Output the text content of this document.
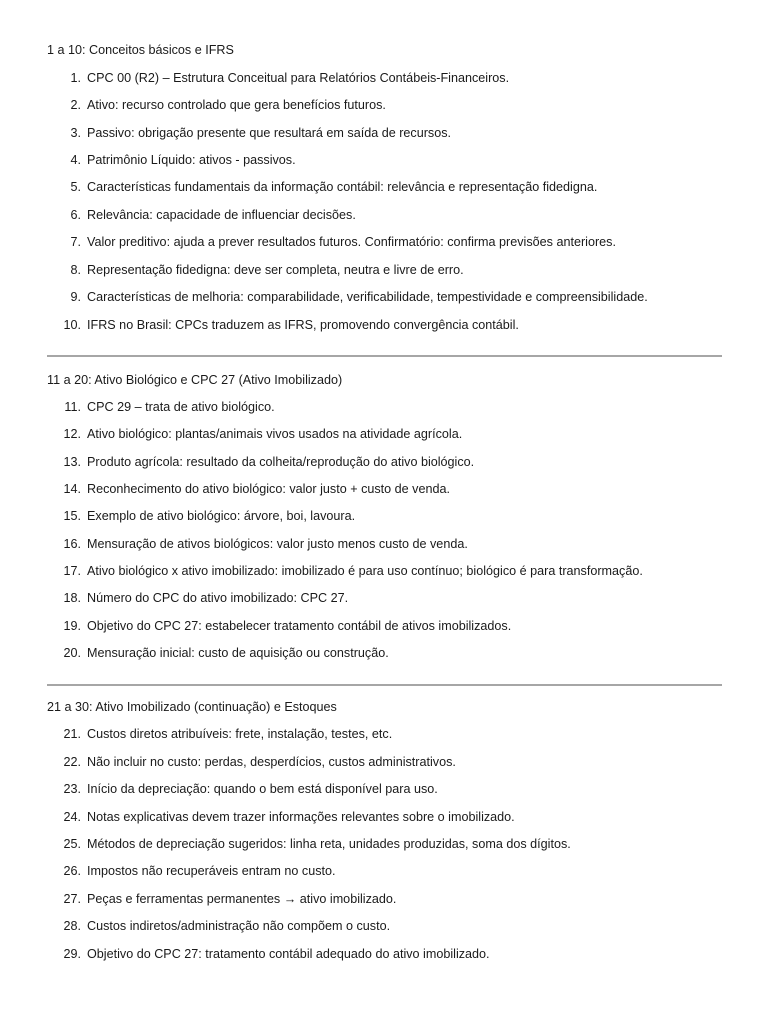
1 a 10: Conceitos básicos e IFRS
1. CPC 00 (R2) – Estrutura Conceitual para Relatórios Contábeis-Financeiros.
2. Ativo: recurso controlado que gera benefícios futuros.
3. Passivo: obrigação presente que resultará em saída de recursos.
4. Patrimônio Líquido: ativos - passivos.
5. Características fundamentais da informação contábil: relevância e representação fidedigna.
6. Relevância: capacidade de influenciar decisões.
7. Valor preditivo: ajuda a prever resultados futuros. Confirmatório: confirma previsões anteriores.
8. Representação fidedigna: deve ser completa, neutra e livre de erro.
9. Características de melhoria: comparabilidade, verificabilidade, tempestividade e compreensibilidade.
10. IFRS no Brasil: CPCs traduzem as IFRS, promovendo convergência contábil.
11 a 20: Ativo Biológico e CPC 27 (Ativo Imobilizado)
11. CPC 29 – trata de ativo biológico.
12. Ativo biológico: plantas/animais vivos usados na atividade agrícola.
13. Produto agrícola: resultado da colheita/reprodução do ativo biológico.
14. Reconhecimento do ativo biológico: valor justo + custo de venda.
15. Exemplo de ativo biológico: árvore, boi, lavoura.
16. Mensuração de ativos biológicos: valor justo menos custo de venda.
17. Ativo biológico x ativo imobilizado: imobilizado é para uso contínuo; biológico é para transformação.
18. Número do CPC do ativo imobilizado: CPC 27.
19. Objetivo do CPC 27: estabelecer tratamento contábil de ativos imobilizados.
20. Mensuração inicial: custo de aquisição ou construção.
21 a 30: Ativo Imobilizado (continuação) e Estoques
21. Custos diretos atribuíveis: frete, instalação, testes, etc.
22. Não incluir no custo: perdas, desperdícios, custos administrativos.
23. Início da depreciação: quando o bem está disponível para uso.
24. Notas explicativas devem trazer informações relevantes sobre o imobilizado.
25. Métodos de depreciação sugeridos: linha reta, unidades produzidas, soma dos dígitos.
26. Impostos não recuperáveis entram no custo.
27. Peças e ferramentas permanentes → ativo imobilizado.
28. Custos indiretos/administração não compõem o custo.
29. Objetivo do CPC 27: tratamento contábil adequado do ativo imobilizado.
